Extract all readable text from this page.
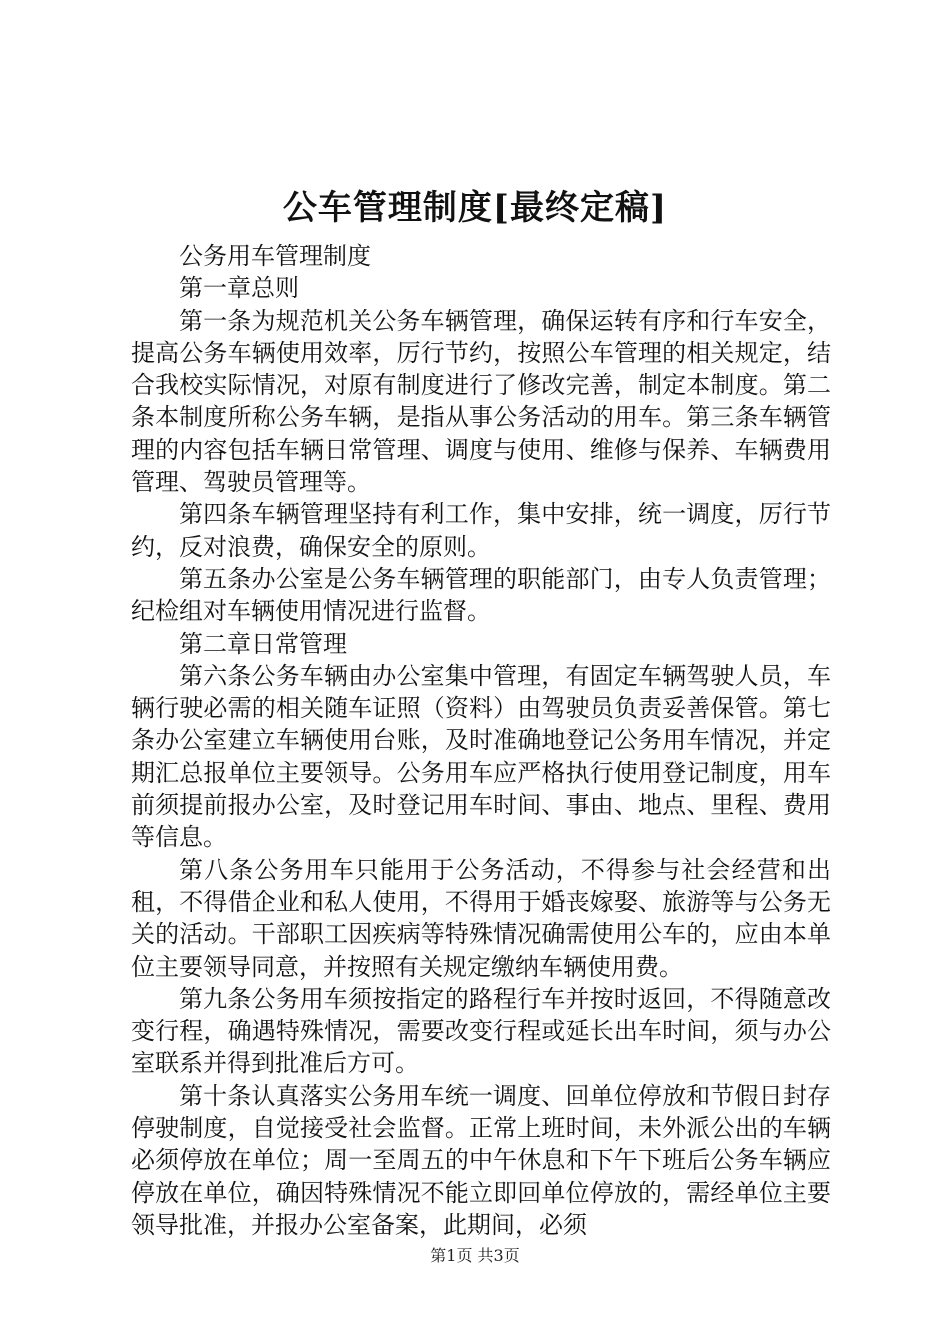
公车管理制度[最终定稿]

公务用车管理制度

第一章总则

第一条为规范机关公务车辆管理，确保运转有序和行车安全，提高公务车辆使用效率，厉行节约，按照公车管理的相关规定，结合我校实际情况，对原有制度进行了修改完善，制定本制度。第二条本制度所称公务车辆，是指从事公务活动的用车。第三条车辆管理的内容包括车辆日常管理、调度与使用、维修与保养、车辆费用管理、驾驶员管理等。

第四条车辆管理坚持有利工作，集中安排，统一调度，厉行节约，反对浪费，确保安全的原则。

第五条办公室是公务车辆管理的职能部门，由专人负责管理；纪检组对车辆使用情况进行监督。

第二章日常管理

第六条公务车辆由办公室集中管理，有固定车辆驾驶人员，车辆行驶必需的相关随车证照（资料）由驾驶员负责妥善保管。第七条办公室建立车辆使用台账，及时准确地登记公务用车情况，并定期汇总报单位主要领导。公务用车应严格执行使用登记制度，用车前须提前报办公室，及时登记用车时间、事由、地点、里程、费用等信息。

第八条公务用车只能用于公务活动，不得参与社会经营和出租，不得借企业和私人使用，不得用于婚丧嫁娶、旅游等与公务无关的活动。干部职工因疾病等特殊情况确需使用公车的，应由本单位主要领导同意，并按照有关规定缴纳车辆使用费。

第九条公务用车须按指定的路程行车并按时返回，不得随意改变行程，确遇特殊情况，需要改变行程或延长出车时间，须与办公室联系并得到批准后方可。

第十条认真落实公务用车统一调度、回单位停放和节假日封存停驶制度，自觉接受社会监督。正常上班时间，未外派公出的车辆必须停放在单位；周一至周五的中午休息和下午下班后公务车辆应停放在单位，确因特殊情况不能立即回单位停放的，需经单位主要领导批准，并报办公室备案，此期间，必须

第1页 共3页
